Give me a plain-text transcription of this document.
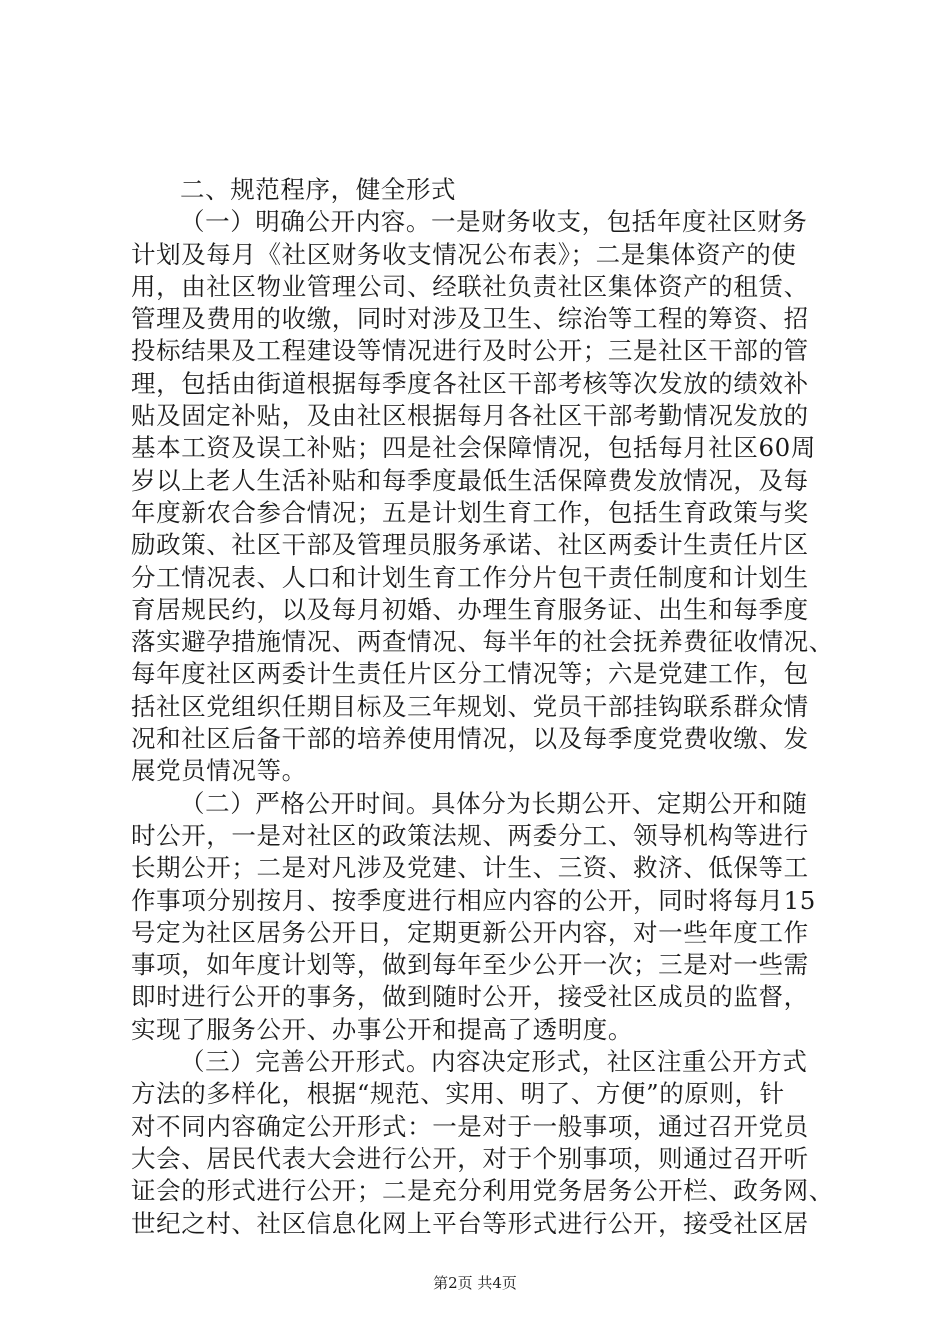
二、规范程序，健全形式
（一）明确公开内容。一是财务收支，包括年度社区财务
计划及每月《社区财务收支情况公布表》；二是集体资产的使
用，由社区物业管理公司、经联社负责社区集体资产的租赁、
管理及费用的收缴，同时对涉及卫生、综治等工程的筹资、招
投标结果及工程建设等情况进行及时公开；三是社区干部的管
理，包括由街道根据每季度各社区干部考核等次发放的绩效补
贴及固定补贴，及由社区根据每月各社区干部考勤情况发放的
基本工资及误工补贴；四是社会保障情况，包括每月社区60周
岁以上老人生活补贴和每季度最低生活保障费发放情况，及每
年度新农合参合情况；五是计划生育工作，包括生育政策与奖
励政策、社区干部及管理员服务承诺、社区两委计生责任片区
分工情况表、人口和计划生育工作分片包干责任制度和计划生
育居规民约，以及每月初婚、办理生育服务证、出生和每季度
落实避孕措施情况、两查情况、每半年的社会抚养费征收情况、
每年度社区两委计生责任片区分工情况等；六是党建工作，包
括社区党组织任期目标及三年规划、党员干部挂钩联系群众情
况和社区后备干部的培养使用情况，以及每季度党费收缴、发
展党员情况等。
（二）严格公开时间。具体分为长期公开、定期公开和随
时公开，一是对社区的政策法规、两委分工、领导机构等进行
长期公开；二是对凡涉及党建、计生、三资、救济、低保等工
作事项分别按月、按季度进行相应内容的公开，同时将每月15
号定为社区居务公开日，定期更新公开内容，对一些年度工作
事项，如年度计划等，做到每年至少公开一次；三是对一些需
即时进行公开的事务，做到随时公开，接受社区成员的监督，
实现了服务公开、办事公开和提高了透明度。
（三）完善公开形式。内容决定形式，社区注重公开方式
方法的多样化，根据“规范、实用、明了、方便”的原则，针
对不同内容确定公开形式：一是对于一般事项，通过召开党员
大会、居民代表大会进行公开，对于个别事项，则通过召开听
证会的形式进行公开；二是充分利用党务居务公开栏、政务网、
世纪之村、社区信息化网上平台等形式进行公开，接受社区居
第2页 共4页
